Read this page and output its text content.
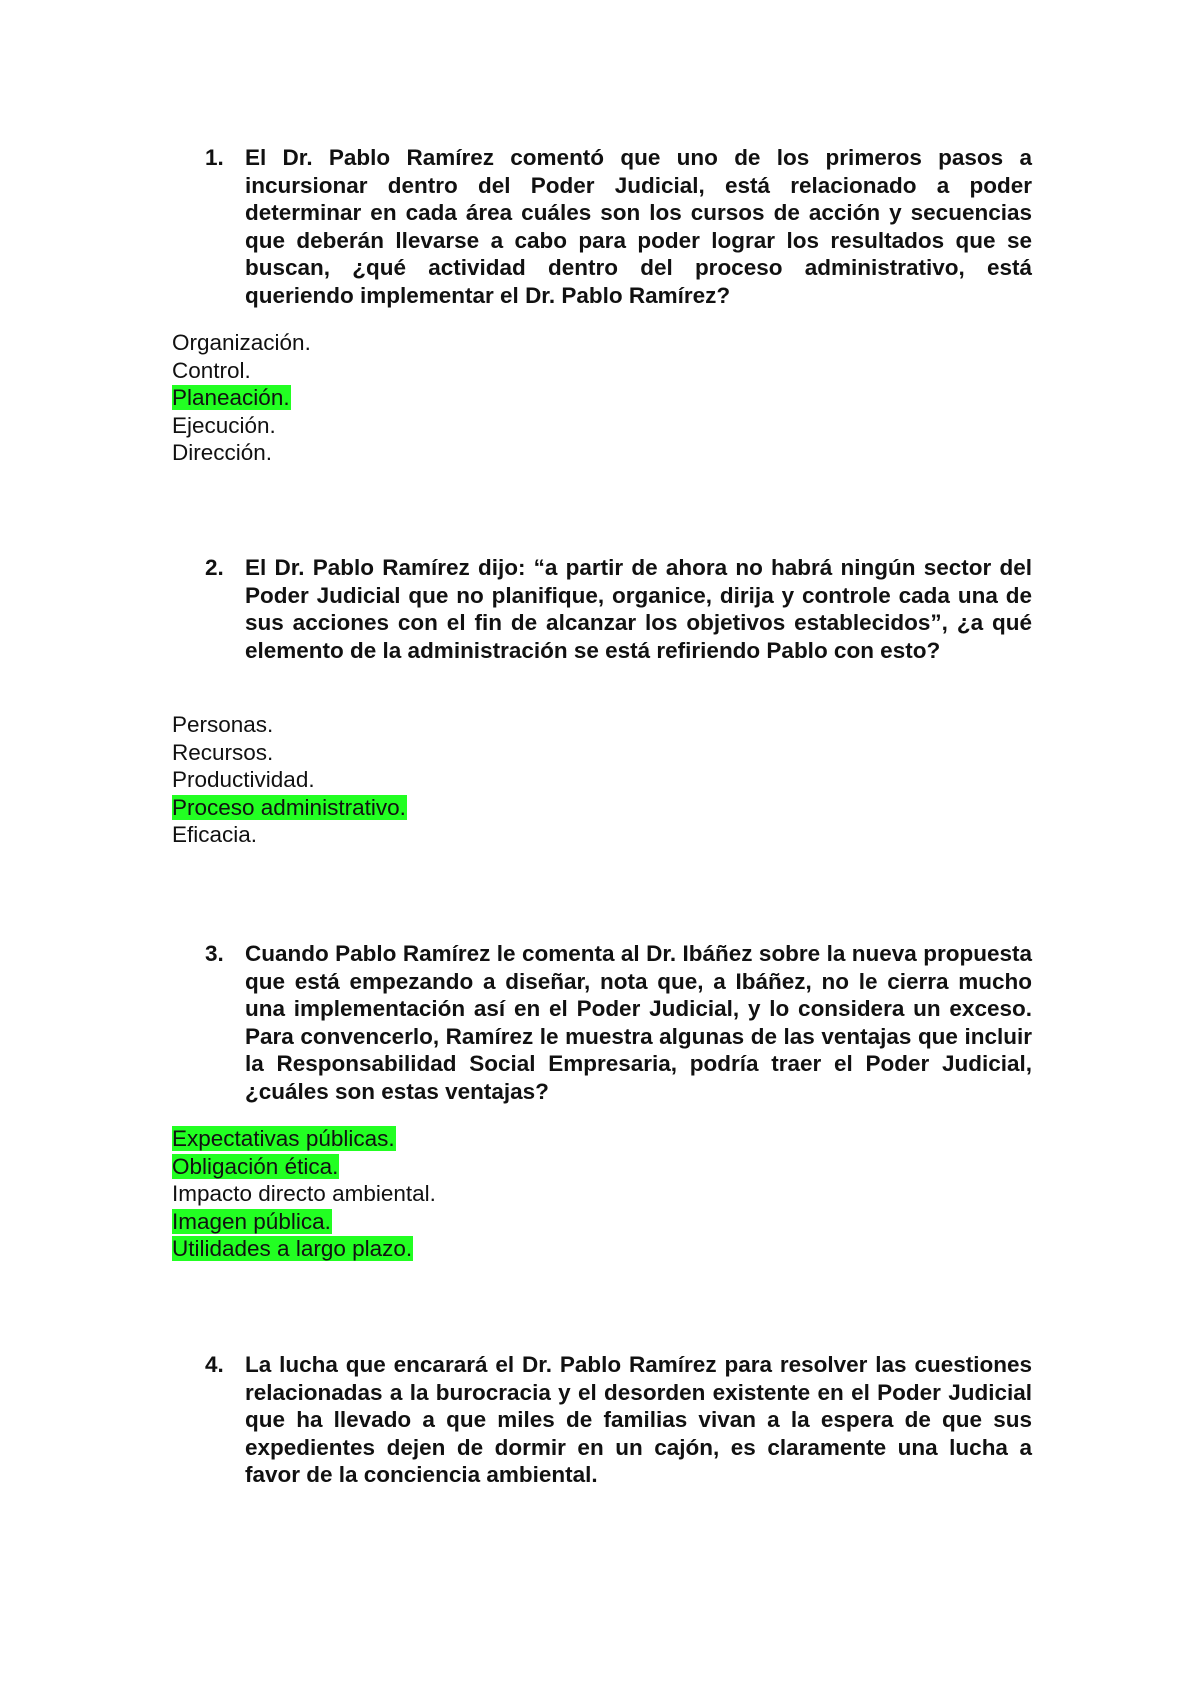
1. El Dr. Pablo Ramírez comentó que uno de los primeros pasos a incursionar dentro del Poder Judicial, está relacionado a poder determinar en cada área cuáles son los cursos de acción y secuencias que deberán llevarse a cabo para poder lograr los resultados que se buscan, ¿qué actividad dentro del proceso administrativo, está queriendo implementar el Dr. Pablo Ramírez?
Organización.
Control.
Planeación.
Ejecución.
Dirección.
2. El Dr. Pablo Ramírez dijo: “a partir de ahora no habrá ningún sector del Poder Judicial que no planifique, organice, dirija y controle cada una de sus acciones con el fin de alcanzar los objetivos establecidos”, ¿a qué elemento de la administración se está refiriendo Pablo con esto?
Personas.
Recursos.
Productividad.
Proceso administrativo.
Eficacia.
3. Cuando Pablo Ramírez le comenta al Dr. Ibáñez sobre la nueva propuesta que está empezando a diseñar, nota que, a Ibáñez, no le cierra mucho una implementación así en el Poder Judicial, y lo considera un exceso. Para convencerlo, Ramírez le muestra algunas de las ventajas que incluir la Responsabilidad Social Empresaria, podría traer el Poder Judicial, ¿cuáles son estas ventajas?
Expectativas públicas.
Obligación ética.
Impacto directo ambiental.
Imagen pública.
Utilidades a largo plazo.
4. La lucha que encarará el Dr. Pablo Ramírez para resolver las cuestiones relacionadas a la burocracia y el desorden existente en el Poder Judicial que ha llevado a que miles de familias vivan a la espera de que sus expedientes dejen de dormir en un cajón, es claramente una lucha a favor de la conciencia ambiental.
